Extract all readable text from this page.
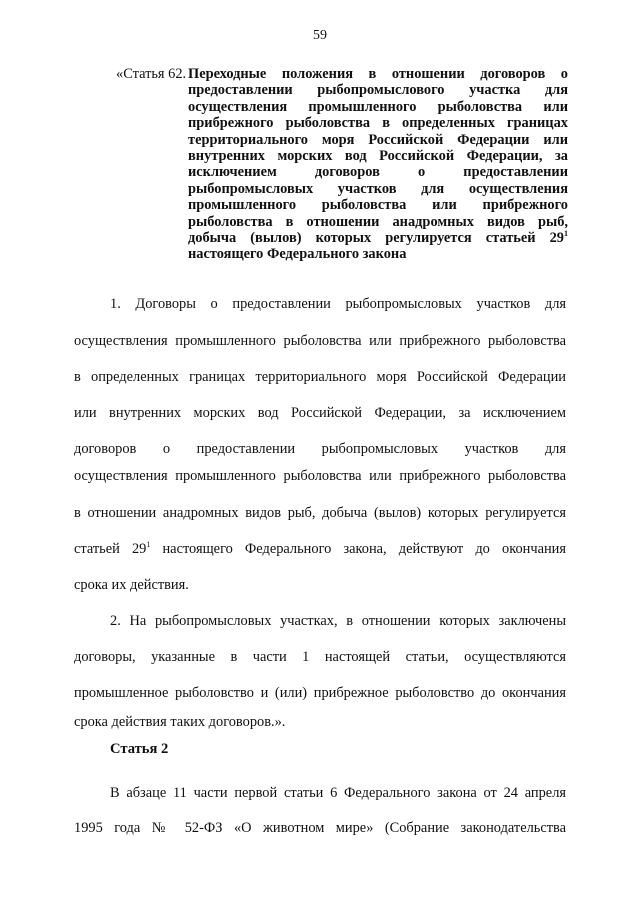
59
«Статья 62. Переходные положения в отношении договоров о
предоставлении рыбопромыслового участка для
осуществления промышленного рыболовства или
прибрежного рыболовства в определенных границах
территориального моря Российской Федерации или
внутренних морских вод Российской Федерации, за
исключением договоров о предоставлении
рыбопромысловых участков для осуществления
промышленного рыболовства или прибрежного
рыболовства в отношении анадромных видов рыб,
добыча (вылов) которых регулируется статьей $29^1$
настоящего Федерального закона
1. Договоры о предоставлении рыбопромысловых участков для
осуществления промышленного рыболовства или прибрежного рыболовства
в определенных границах территориального моря Российской Федерации
или внутренних морских вод Российской Федерации, за исключением
договоров о предоставлении рыбопромысловых участков для
осуществления промышленного рыболовства или прибрежного рыболовства
в отношении анадромных видов рыб, добыча (вылов) которых регулируется
статьей $29^1$ настоящего Федерального закона, действуют до окончания
срока их действия.
2. На рыбопромысловых участках, в отношении которых заключены
договоры, указанные в части 1 настоящей статьи, осуществляются
промышленное рыболовство и (или) прибрежное рыболовство до окончания
срока действия таких договоров.».
Статья 2
В абзаце 11 части первой статьи 6 Федерального закона от 24 апреля
1995 года № 52-ФЗ «О животном мире» (Собрание законодательства
